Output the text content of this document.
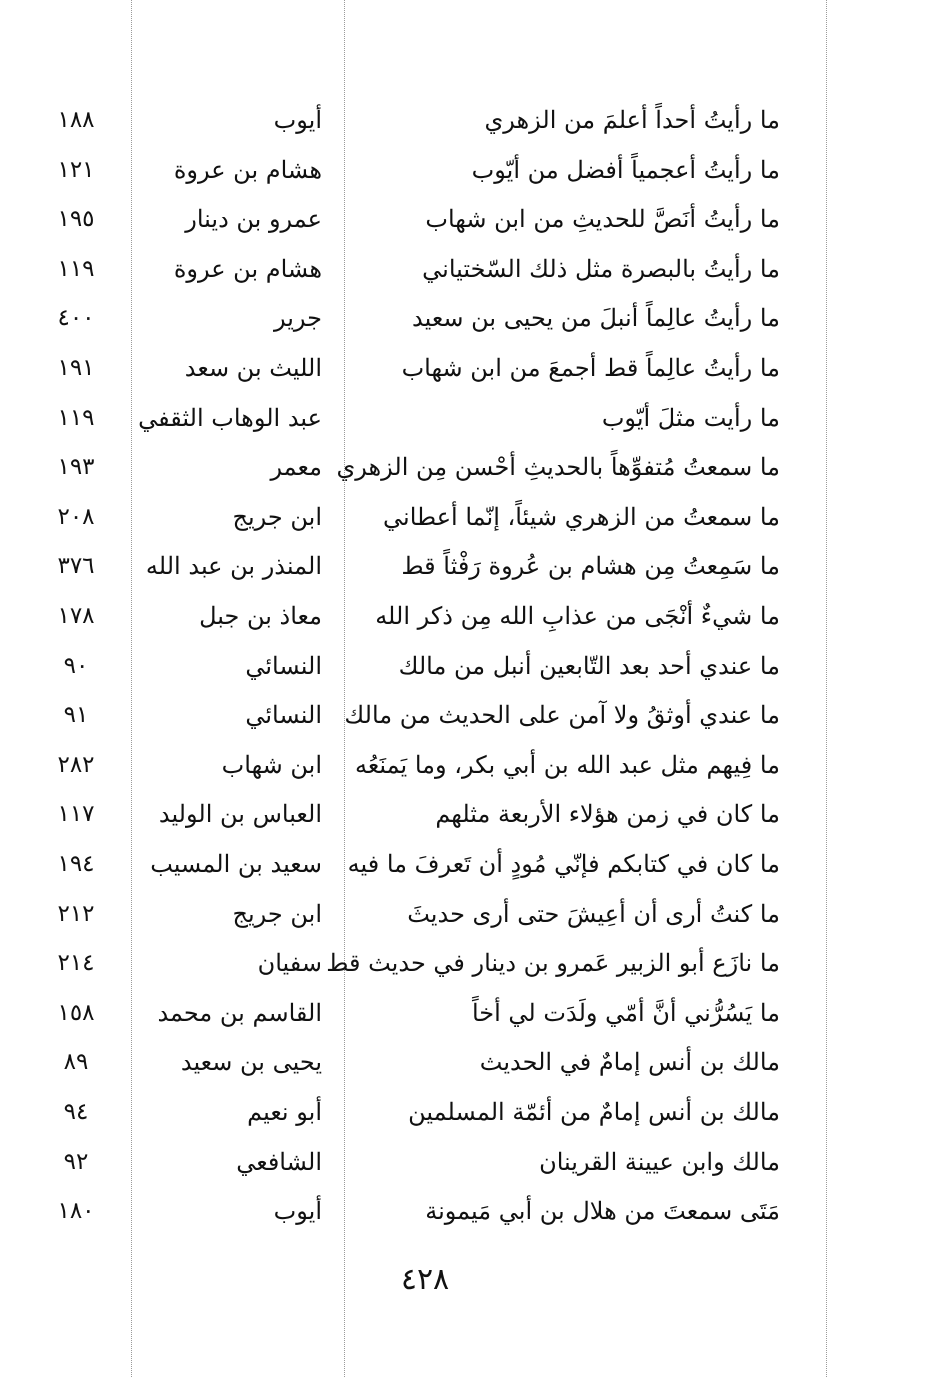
ما رأيتُ أحداً أعلمَ من الزهري
أيوب
١٨٨
ما رأيتُ أعجمياً أفضل من أيّوب
هشام بن عروة
١٢١
ما رأيتُ أنَصَّ للحديثِ من ابن شهاب
عمرو بن دينار
١٩٥
ما رأيتُ بالبصرة مثل ذلك السّختياني
هشام بن عروة
١١٩
ما رأيتُ عالِماً أنبلَ من يحيى بن سعيد
جرير
٤٠٠
ما رأيتُ عالِماً قط أجمعَ من ابن شهاب
الليث بن سعد
١٩١
ما رأيت مثلَ أيّوب
عبد الوهاب الثقفي
١١٩
ما سمعتُ مُتفوِّهاً بالحديثِ أحْسن مِن الزهري
معمر
١٩٣
ما سمعتُ من الزهري شيئاً، إنّما أعطاني
ابن جريج
٢٠٨
ما سَمِعتُ مِن هشام بن عُروة رَفْثاً قط
المنذر بن عبد الله
٣٧٦
ما شيءٌ أنْجَى من عذابِ الله مِن ذكر الله
معاذ بن جبل
١٧٨
ما عندي أحد بعد التّابعين أنبل من مالك
النسائي
٩٠
ما عندي أوثقُ ولا آمن على الحديث من مالك
النسائي
٩١
ما فِيهم مثل عبد الله بن أبي بكر، وما يَمنَعُه
ابن شهاب
٢٨٢
ما كان في زمن هؤلاء الأربعة مثلهم
العباس بن الوليد
١١٧
ما كان في كتابكم فإنّي مُودٍ أن تَعرفَ ما فيه
سعيد بن المسيب
١٩٤
ما كنتُ أرى أن أعِيشَ حتى أرى حديثَ
ابن جريج
٢١٢
ما نازَع أبو الزبير عَمرو بن دينار في حديث قط
سفيان
٢١٤
ما يَسُرُّني أنَّ أمّي ولَدَت لي أخاً
القاسم بن محمد
١٥٨
مالك بن أنس إمامٌ في الحديث
يحيى بن سعيد
٨٩
مالك بن أنس إمامٌ من أئمّة المسلمين
أبو نعيم
٩٤
مالك وابن عيينة القرينان
الشافعي
٩٢
مَتَى سمعتَ من هلال بن أبي مَيمونة
أيوب
١٨٠
٤٢٨
